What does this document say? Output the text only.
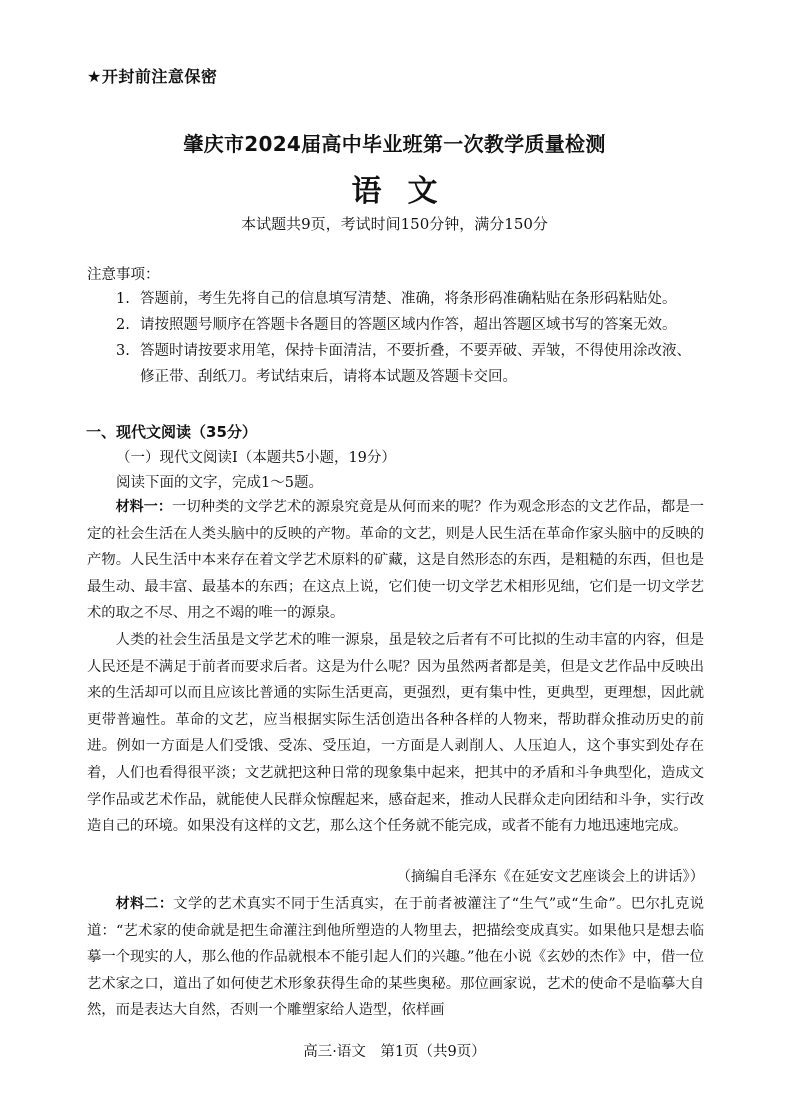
★开封前注意保密
肇庆市2024届高中毕业班第一次教学质量检测
语文
本试题共9页，考试时间150分钟，满分150分
注意事项：
1. 答题前，考生先将自己的信息填写清楚、准确，将条形码准确粘贴在条形码粘贴处。
2. 请按照题号顺序在答题卡各题目的答题区域内作答，超出答题区域书写的答案无效。
3. 答题时请按要求用笔，保持卡面清洁，不要折叠，不要弄破、弄皱，不得使用涂改液、修正带、刮纸刀。考试结束后，请将本试题及答题卡交回。
一、现代文阅读（35分）
（一）现代文阅读Ⅰ（本题共5小题，19分）
阅读下面的文字，完成1～5题。

材料一：一切种类的文学艺术的源泉究竟是从何而来的呢？作为观念形态的文艺作品，都是一定的社会生活在人类头脑中的反映的产物。革命的文艺，则是人民生活在革命作家头脑中的反映的产物。人民生活中本来存在着文学艺术原料的矿藏，这是自然形态的东西，是粗糙的东西，但也是最生动、最丰富、最基本的东西；在这点上说，它们使一切文学艺术相形见绌，它们是一切文学艺术的取之不尽、用之不竭的唯一的源泉。

人类的社会生活虽是文学艺术的唯一源泉，虽是较之后者有不可比拟的生动丰富的内容，但是人民还是不满足于前者而要求后者。这是为什么呢？因为虽然两者都是美，但是文艺作品中反映出来的生活却可以而且应该比普通的实际生活更高，更强烈，更有集中性，更典型，更理想，因此就更带普遍性。革命的文艺，应当根据实际生活创造出各种各样的人物来，帮助群众推动历史的前进。例如一方面是人们受饿、受冻、受压迫，一方面是人剥削人、人压迫人，这个事实到处存在着，人们也看得很平淡；文艺就把这种日常的现象集中起来，把其中的矛盾和斗争典型化，造成文学作品或艺术作品，就能使人民群众惊醒起来，感奋起来，推动人民群众走向团结和斗争，实行改造自己的环境。如果没有这样的文艺，那么这个任务就不能完成，或者不能有力地迅速地完成。

（摘编自毛泽东《在延安文艺座谈会上的讲话》）

材料二：文学的艺术真实不同于生活真实，在于前者被灌注了“生气”或“生命”。巴尔扎克说道：“艺术家的使命就是把生命灌注到他所塑造的人物里去，把描绘变成真实。如果他只是想去临摹一个现实的人，那么他的作品就根本不能引起人们的兴趣。”他在小说《玄妙的杰作》中，借一位艺术家之口，道出了如何使艺术形象获得生命的某些奥秘。那位画家说，艺术的使命不是临摹大自然，而是表达大自然，否则一个雕塑家给人造型，依样画

高三·语文　第1页（共9页）
